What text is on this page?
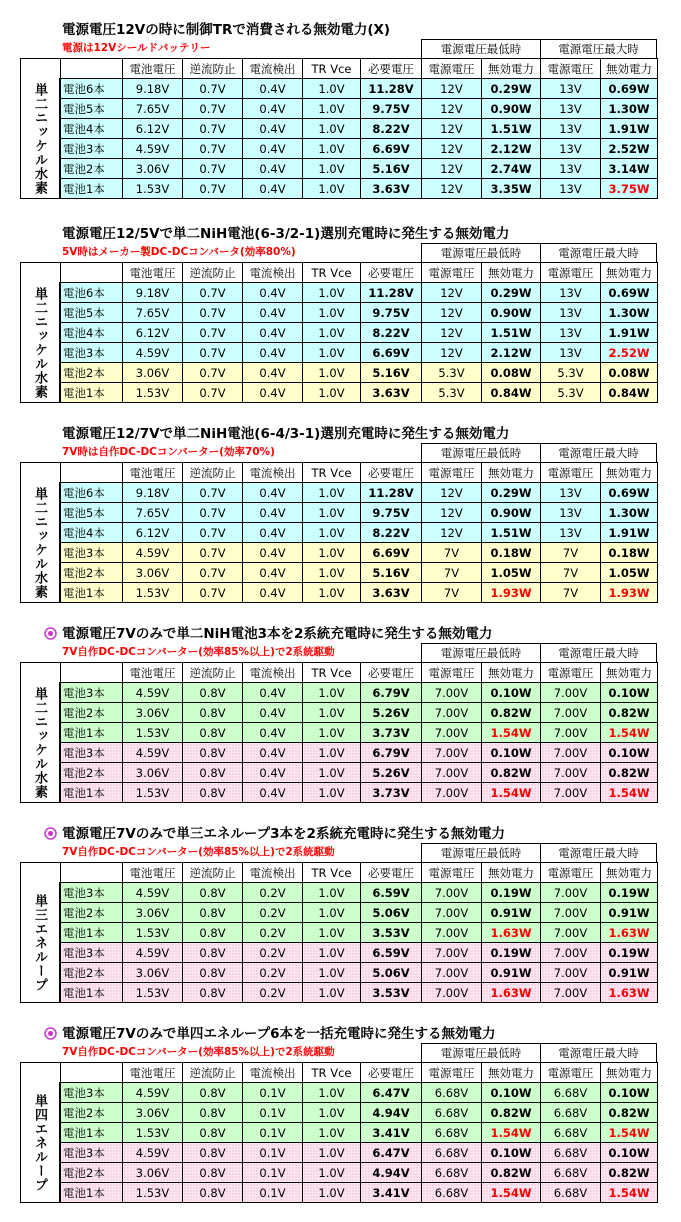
電源電圧12Vの時に制御TRで消費される無効電力(X)
電源は12Vシールドバッテリー	電源電圧最低時	電源電圧最大時
単二ニッケル水素
	電池電圧	逆流防止	電流検出	TR Vce	必要電圧	電源電圧	無効電力	電源電圧	無効電力
電池6本	9.18V	0.7V	0.4V	1.0V	11.28V	12V	0.29W	13V	0.69W
電池5本	7.65V	0.7V	0.4V	1.0V	9.75V	12V	0.90W	13V	1.30W
電池4本	6.12V	0.7V	0.4V	1.0V	8.22V	12V	1.51W	13V	1.91W
電池3本	4.59V	0.7V	0.4V	1.0V	6.69V	12V	2.12W	13V	2.52W
電池2本	3.06V	0.7V	0.4V	1.0V	5.16V	12V	2.74W	13V	3.14W
電池1本	1.53V	0.7V	0.4V	1.0V	3.63V	12V	3.35W	13V	3.75W
電源電圧12/5Vで単二NiH電池(6-3/2-1)選別充電時に発生する無効電力
5V時はメーカー製DC-DCコンバータ(効率80%)	電源電圧最低時	電源電圧最大時
単二ニッケル水素
	電池電圧	逆流防止	電流検出	TR Vce	必要電圧	電源電圧	無効電力	電源電圧	無効電力
電池6本	9.18V	0.7V	0.4V	1.0V	11.28V	12V	0.29W	13V	0.69W
電池5本	7.65V	0.7V	0.4V	1.0V	9.75V	12V	0.90W	13V	1.30W
電池4本	6.12V	0.7V	0.4V	1.0V	8.22V	12V	1.51W	13V	1.91W
電池3本	4.59V	0.7V	0.4V	1.0V	6.69V	12V	2.12W	13V	2.52W
電池2本	3.06V	0.7V	0.4V	1.0V	5.16V	5.3V	0.08W	5.3V	0.08W
電池1本	1.53V	0.7V	0.4V	1.0V	3.63V	5.3V	0.84W	5.3V	0.84W
電源電圧12/7Vで単二NiH電池(6-4/3-1)選別充電時に発生する無効電力
7V時は自作DC-DCコンバーター(効率70%)	電源電圧最低時	電源電圧最大時
単二ニッケル水素
	電池電圧	逆流防止	電流検出	TR Vce	必要電圧	電源電圧	無効電力	電源電圧	無効電力
電池6本	9.18V	0.7V	0.4V	1.0V	11.28V	12V	0.29W	13V	0.69W
電池5本	7.65V	0.7V	0.4V	1.0V	9.75V	12V	0.90W	13V	1.30W
電池4本	6.12V	0.7V	0.4V	1.0V	8.22V	12V	1.51W	13V	1.91W
電池3本	4.59V	0.7V	0.4V	1.0V	6.69V	7V	0.18W	7V	0.18W
電池2本	3.06V	0.7V	0.4V	1.0V	5.16V	7V	1.05W	7V	1.05W
電池1本	1.53V	0.7V	0.4V	1.0V	3.63V	7V	1.93W	7V	1.93W
電源電圧7Vのみで単二NiH電池3本を2系統充電時に発生する無効電力
7V自作DC-DCコンバーター(効率85%以上)で2系統駆動	電源電圧最低時	電源電圧最大時
単二ニッケル水素
	電池電圧	逆流防止	電流検出	TR Vce	必要電圧	電源電圧	無効電力	電源電圧	無効電力
電池3本	4.59V	0.8V	0.4V	1.0V	6.79V	7.00V	0.10W	7.00V	0.10W
電池2本	3.06V	0.8V	0.4V	1.0V	5.26V	7.00V	0.82W	7.00V	0.82W
電池1本	1.53V	0.8V	0.4V	1.0V	3.73V	7.00V	1.54W	7.00V	1.54W
電池3本	4.59V	0.8V	0.4V	1.0V	6.79V	7.00V	0.10W	7.00V	0.10W
電池2本	3.06V	0.8V	0.4V	1.0V	5.26V	7.00V	0.82W	7.00V	0.82W
電池1本	1.53V	0.8V	0.4V	1.0V	3.73V	7.00V	1.54W	7.00V	1.54W
電源電圧7Vのみで単三エネループ3本を2系統充電時に発生する無効電力
7V自作DC-DCコンバーター(効率85%以上)で2系統駆動	電源電圧最低時	電源電圧最大時
単三エネループ
	電池電圧	逆流防止	電流検出	TR Vce	必要電圧	電源電圧	無効電力	電源電圧	無効電力
電池3本	4.59V	0.8V	0.2V	1.0V	6.59V	7.00V	0.19W	7.00V	0.19W
電池2本	3.06V	0.8V	0.2V	1.0V	5.06V	7.00V	0.91W	7.00V	0.91W
電池1本	1.53V	0.8V	0.2V	1.0V	3.53V	7.00V	1.63W	7.00V	1.63W
電池3本	4.59V	0.8V	0.2V	1.0V	6.59V	7.00V	0.19W	7.00V	0.19W
電池2本	3.06V	0.8V	0.2V	1.0V	5.06V	7.00V	0.91W	7.00V	0.91W
電池1本	1.53V	0.8V	0.2V	1.0V	3.53V	7.00V	1.63W	7.00V	1.63W
電源電圧7Vのみで単四エネループ6本を一括充電時に発生する無効電力
7V自作DC-DCコンバーター(効率85%以上)で2系統駆動	電源電圧最低時	電源電圧最大時
単四エネループ
	電池電圧	逆流防止	電流検出	TR Vce	必要電圧	電源電圧	無効電力	電源電圧	無効電力
電池3本	4.59V	0.8V	0.1V	1.0V	6.47V	6.68V	0.10W	6.68V	0.10W
電池2本	3.06V	0.8V	0.1V	1.0V	4.94V	6.68V	0.82W	6.68V	0.82W
電池1本	1.53V	0.8V	0.1V	1.0V	3.41V	6.68V	1.54W	6.68V	1.54W
電池3本	4.59V	0.8V	0.1V	1.0V	6.47V	6.68V	0.10W	6.68V	0.10W
電池2本	3.06V	0.8V	0.1V	1.0V	4.94V	6.68V	0.82W	6.68V	0.82W
電池1本	1.53V	0.8V	0.1V	1.0V	3.41V	6.68V	1.54W	6.68V	1.54W
